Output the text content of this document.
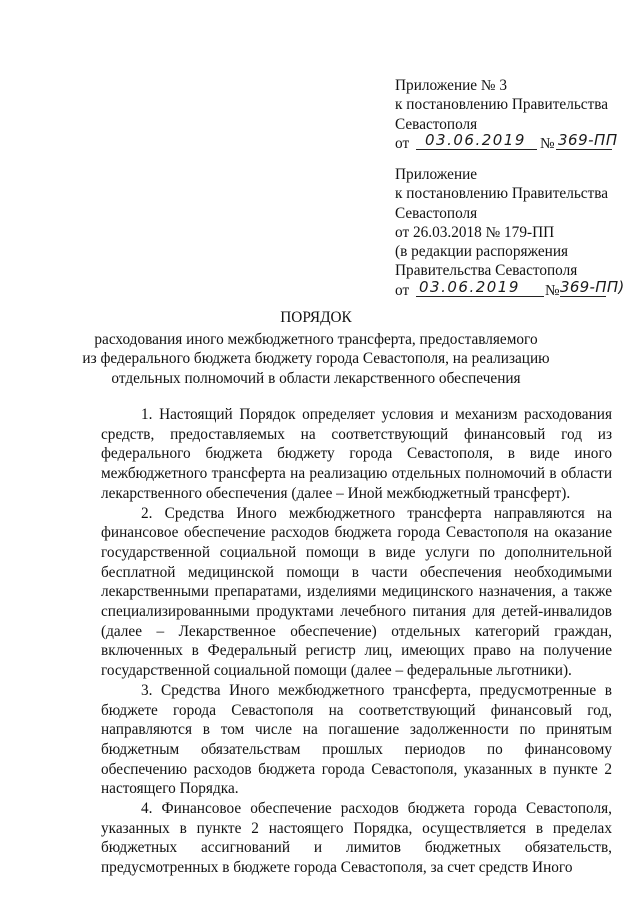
Приложение № 3
к постановлению Правительства
Севастополя
от 03.06.2019 № 369-ПП
Приложение
к постановлению Правительства
Севастополя
от 26.03.2018 № 179-ПП
(в редакции распоряжения
Правительства Севастополя
от 03.06.2019 № 369-ПП)
ПОРЯДОК
расходования иного межбюджетного трансферта, предоставляемого
из федерального бюджета бюджету города Севастополя, на реализацию
отдельных полномочий в области лекарственного обеспечения

1. Настоящий Порядок определяет условия и механизм расходования средств, предоставляемых на соответствующий финансовый год из федерального бюджета бюджету города Севастополя, в виде иного межбюджетного трансферта на реализацию отдельных полномочий в области лекарственного обеспечения (далее – Иной межбюджетный трансферт).

2. Средства Иного межбюджетного трансферта направляются на финансовое обеспечение расходов бюджета города Севастополя на оказание государственной социальной помощи в виде услуги по дополнительной бесплатной медицинской помощи в части обеспечения необходимыми лекарственными препаратами, изделиями медицинского назначения, а также специализированными продуктами лечебного питания для детей-инвалидов (далее – Лекарственное обеспечение) отдельных категорий граждан, включенных в Федеральный регистр лиц, имеющих право на получение государственной социальной помощи (далее – федеральные льготники).

3. Средства Иного межбюджетного трансферта, предусмотренные в бюджете города Севастополя на соответствующий финансовый год, направляются в том числе на погашение задолженности по принятым бюджетным обязательствам прошлых периодов по финансовому обеспечению расходов бюджета города Севастополя, указанных в пункте 2 настоящего Порядка.

4. Финансовое обеспечение расходов бюджета города Севастополя, указанных в пункте 2 настоящего Порядка, осуществляется в пределах бюджетных ассигнований и лимитов бюджетных обязательств, предусмотренных в бюджете города Севастополя, за счет средств Иного
